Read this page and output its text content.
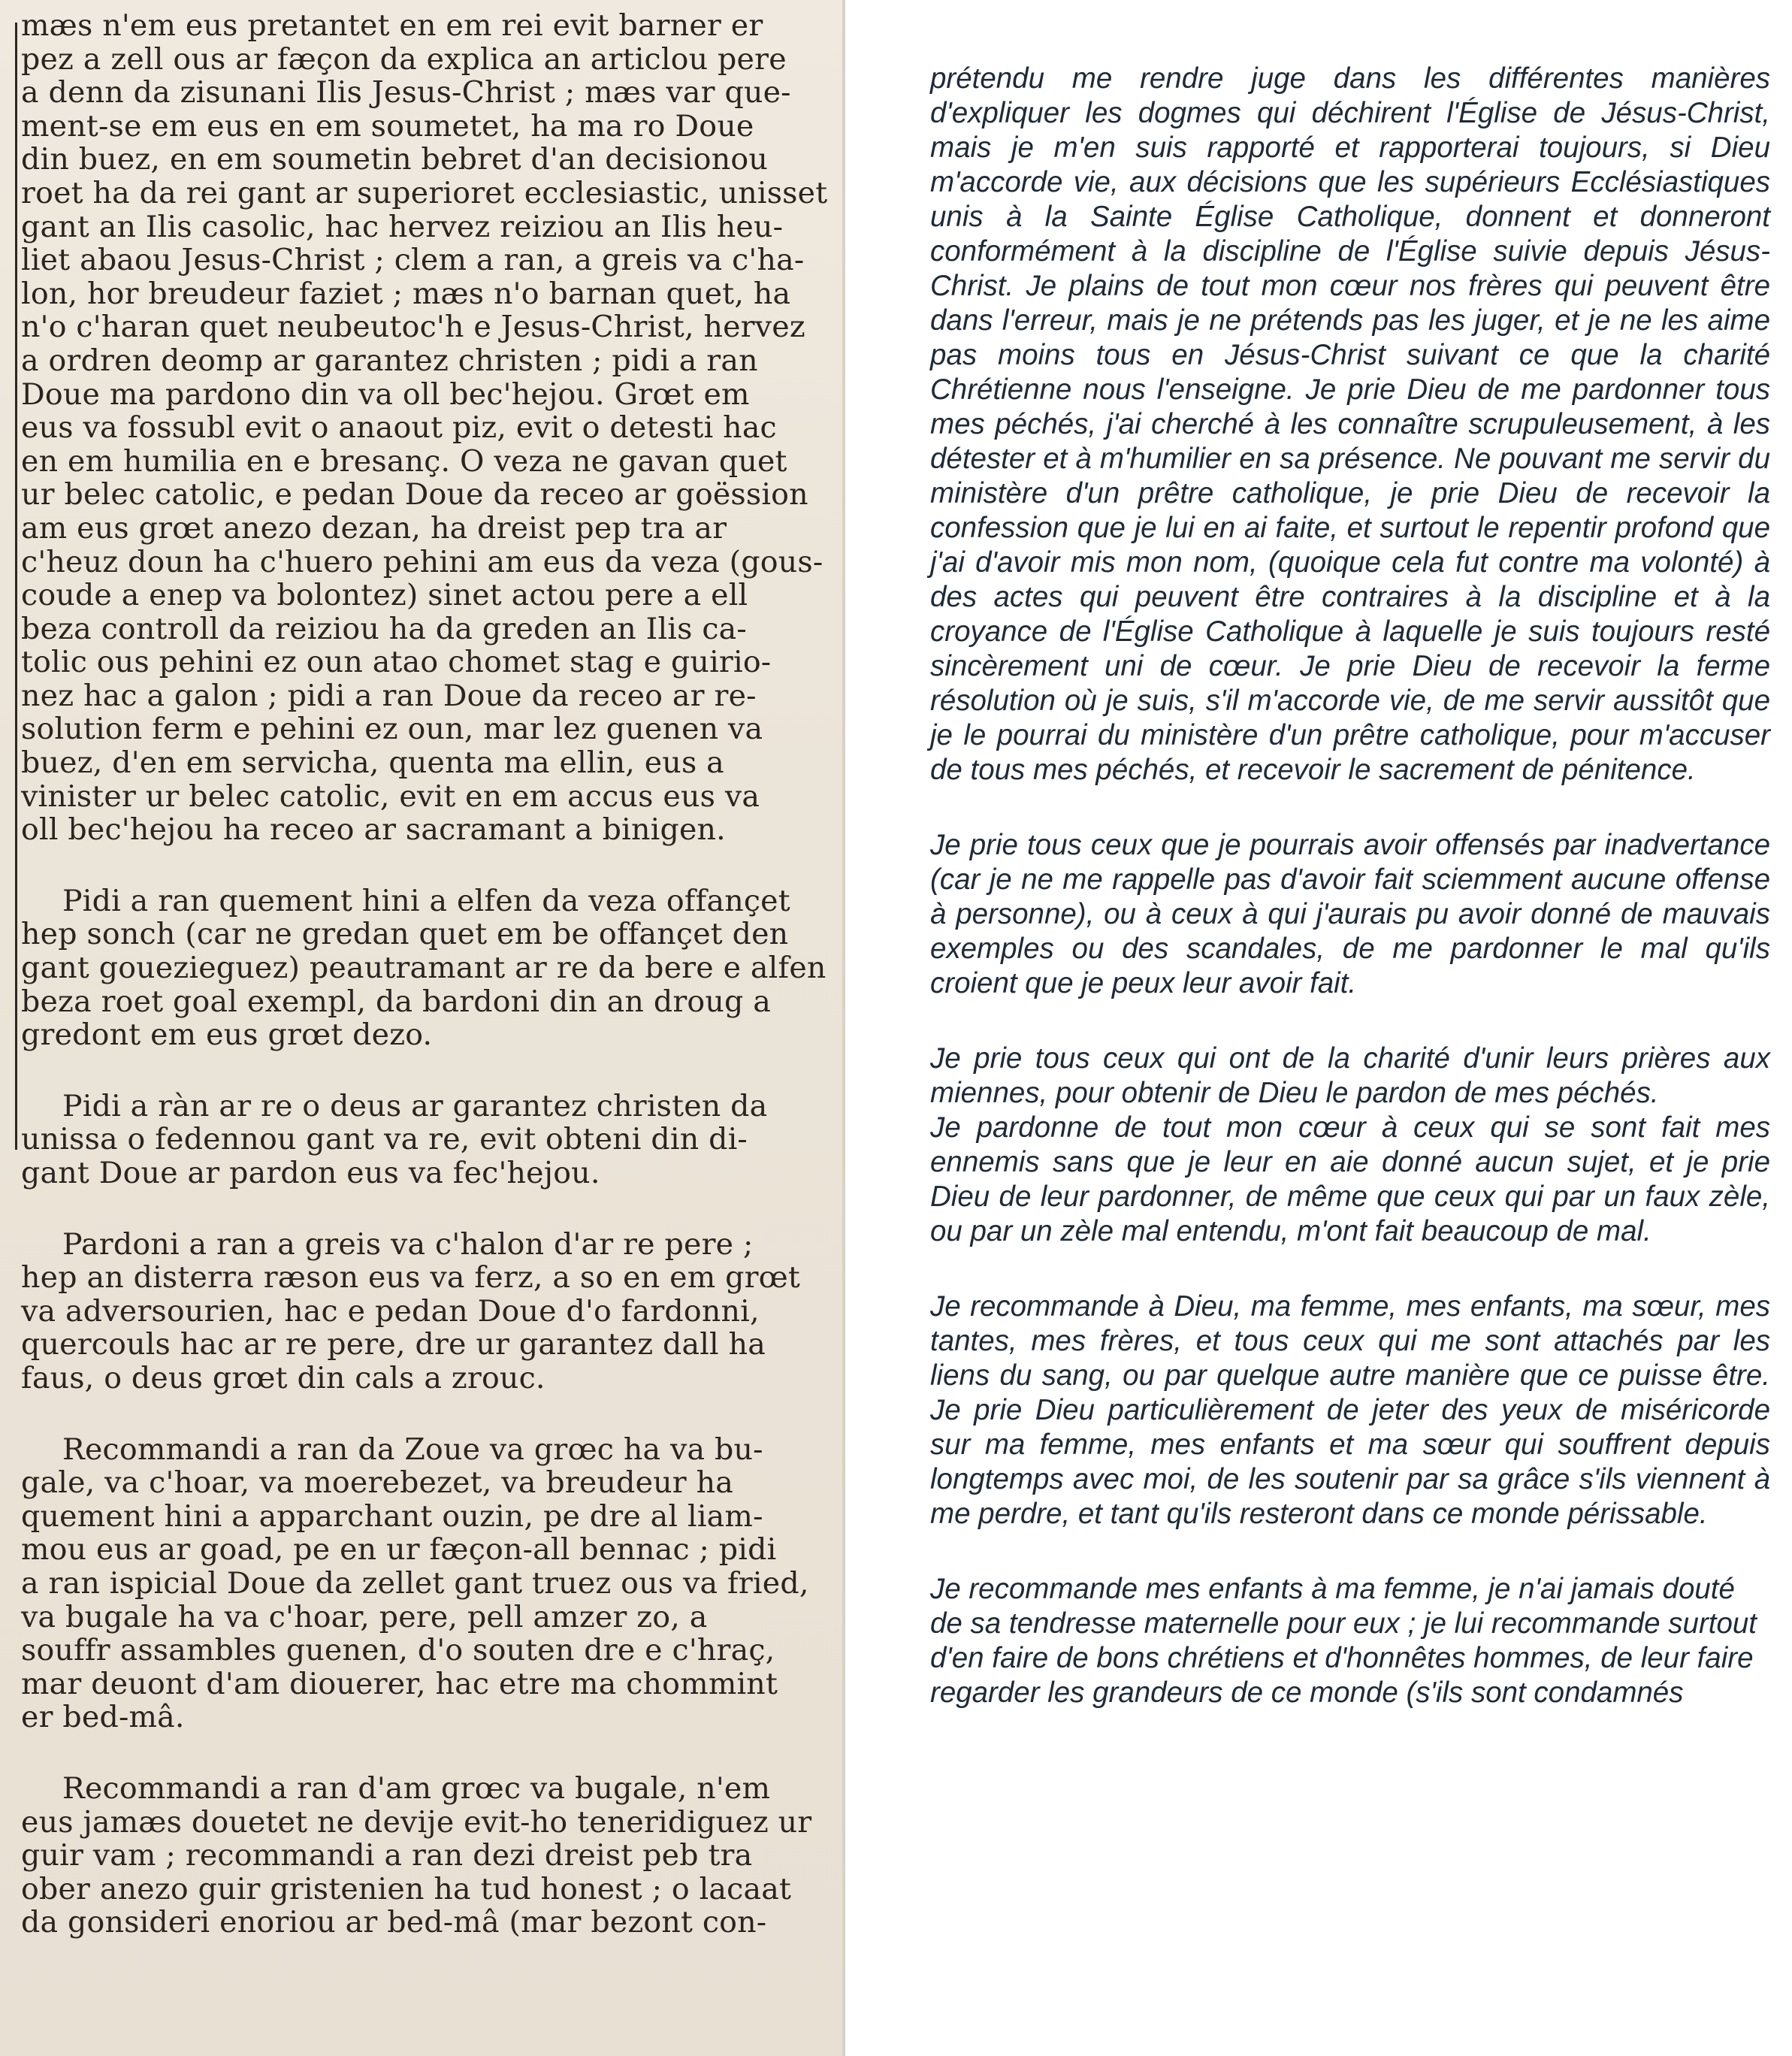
mæs n'em eus pretantet en em rei evit barner er
pez a zell ous ar fæçon da explica an articlou pere
a denn da zisunani Ilis Jesus-Christ ; mæs var que-
ment-se em eus en em soumetet, ha ma ro Doue
din buez, en em soumetin bebret d'an decisionou
roet ha da rei gant ar superioret ecclesiastic, unisset
gant an Ilis casolic, hac hervez reiziou an Ilis heu-
liet abaou Jesus-Christ ; clem a ran, a greis va c'ha-
lon, hor breudeur faziet ; mæs n'o barnan quet, ha
n'o c'haran quet neubeutoc'h e Jesus-Christ, hervez
a ordren deomp ar garantez christen ; pidi a ran
Doue ma pardono din va oll bec'hejou. Grœt em
eus va fossubl evit o anaout piz, evit o detesti hac
en em humilia en e bresanç. O veza ne gavan quet
ur belec catolic, e pedan Doue da receo ar goëssion
am eus grœt anezo dezan, ha dreist pep tra ar
c'heuz doun ha c'huero pehini am eus da veza (gous-
coude a enep va bolontez) sinet actou pere a ell
beza controll da reiziou ha da greden an Ilis ca-
tolic ous pehini ez oun atao chomet stag e guirio-
nez hac a galon ; pidi a ran Doue da receo ar re-
solution ferm e pehini ez oun, mar lez guenen va
buez, d'en em servicha, quenta ma ellin, eus a
vinister ur belec catolic, evit en em accus eus va
oll bec'hejou ha receo ar sacramant a binigen.

Pidi a ran quement hini a elfen da veza offançet
hep sonch (car ne gredan quet em be offançet den
gant gouezieguez) peautramant ar re da bere e alfen
beza roet goal exempl, da bardoni din an droug a
gredont em eus grœt dezo.

Pidi a ràn ar re o deus ar garantez christen da
unissa o fedennou gant va re, evit obteni din di-
gant Doue ar pardon eus va fec'hejou.

Pardoni a ran a greis va c'halon d'ar re pere ;
hep an disterra ræson eus va ferz, a so en em grœt
va adversourien, hac e pedan Doue d'o fardonni,
quercouls hac ar re pere, dre ur garantez dall ha
faus, o deus grœt din cals a zrouc.

Recommandi a ran da Zoue va grœc ha va bu-
gale, va c'hoar, va moerebezet, va breudeur ha
quement hini a apparchant ouzin, pe dre al liam-
mou eus ar goad, pe en ur fæçon-all bennac ; pidi
a ran ispicial Doue da zellet gant truez ous va fried,
va bugale ha va c'hoar, pere, pell amzer zo, a
souffr assambles guenen, d'o souten dre e c'hraç,
mar deuont d'am diouerer, hac etre ma chommint
er bed-mâ.

Recommandi a ran d'am grœc va bugale, n'em
eus jamæs douetet ne devije evit-ho teneridiguez ur
guir vam ; recommandi a ran dezi dreist peb tra
ober anezo guir gristenien ha tud honest ; o lacaat
da gonsideri enoriou ar bed-mâ (mar bezont con-

prétendu me rendre juge dans les différentes manières d'expliquer les dogmes qui déchirent l'Église de Jésus-Christ, mais je m'en suis rapporté et rapporterai toujours, si Dieu m'accorde vie, aux décisions que les supérieurs Ecclésiastiques unis à la Sainte Église Catholique, donnent et donneront conformément à la discipline de l'Église suivie depuis Jésus-Christ. Je plains de tout mon cœur nos frères qui peuvent être dans l'erreur, mais je ne prétends pas les juger, et je ne les aime pas moins tous en Jésus-Christ suivant ce que la charité Chrétienne nous l'enseigne. Je prie Dieu de me pardonner tous mes péchés, j'ai cherché à les connaître scrupuleusement, à les détester et à m'humilier en sa présence. Ne pouvant me servir du ministère d'un prêtre catholique, je prie Dieu de recevoir la confession que je lui en ai faite, et surtout le repentir profond que j'ai d'avoir mis mon nom, (quoique cela fut contre ma volonté) à des actes qui peuvent être contraires à la discipline et à la croyance de l'Église Catholique à laquelle je suis toujours resté sincèrement uni de cœur. Je prie Dieu de recevoir la ferme résolution où je suis, s'il m'accorde vie, de me servir aussitôt que je le pourrai du ministère d'un prêtre catholique, pour m'accuser de tous mes péchés, et recevoir le sacrement de pénitence.

Je prie tous ceux que je pourrais avoir offensés par inadvertance (car je ne me rappelle pas d'avoir fait sciemment aucune offense à personne), ou à ceux à qui j'aurais pu avoir donné de mauvais exemples ou des scandales, de me pardonner le mal qu'ils croient que je peux leur avoir fait.

Je prie tous ceux qui ont de la charité d'unir leurs prières aux miennes, pour obtenir de Dieu le pardon de mes péchés.

Je pardonne de tout mon cœur à ceux qui se sont fait mes ennemis sans que je leur en aie donné aucun sujet, et je prie Dieu de leur pardonner, de même que ceux qui par un faux zèle, ou par un zèle mal entendu, m'ont fait beaucoup de mal.

Je recommande à Dieu, ma femme, mes enfants, ma sœur, mes tantes, mes frères, et tous ceux qui me sont attachés par les liens du sang, ou par quelque autre manière que ce puisse être. Je prie Dieu particulièrement de jeter des yeux de miséricorde sur ma femme, mes enfants et ma sœur qui souffrent depuis longtemps avec moi, de les soutenir par sa grâce s'ils viennent à me perdre, et tant qu'ils resteront dans ce monde périssable.

Je recommande mes enfants à ma femme, je n'ai jamais douté de sa tendresse maternelle pour eux ; je lui recommande surtout d'en faire de bons chrétiens et d'honnêtes hommes, de leur faire regarder les grandeurs de ce monde (s'ils sont condamnés
